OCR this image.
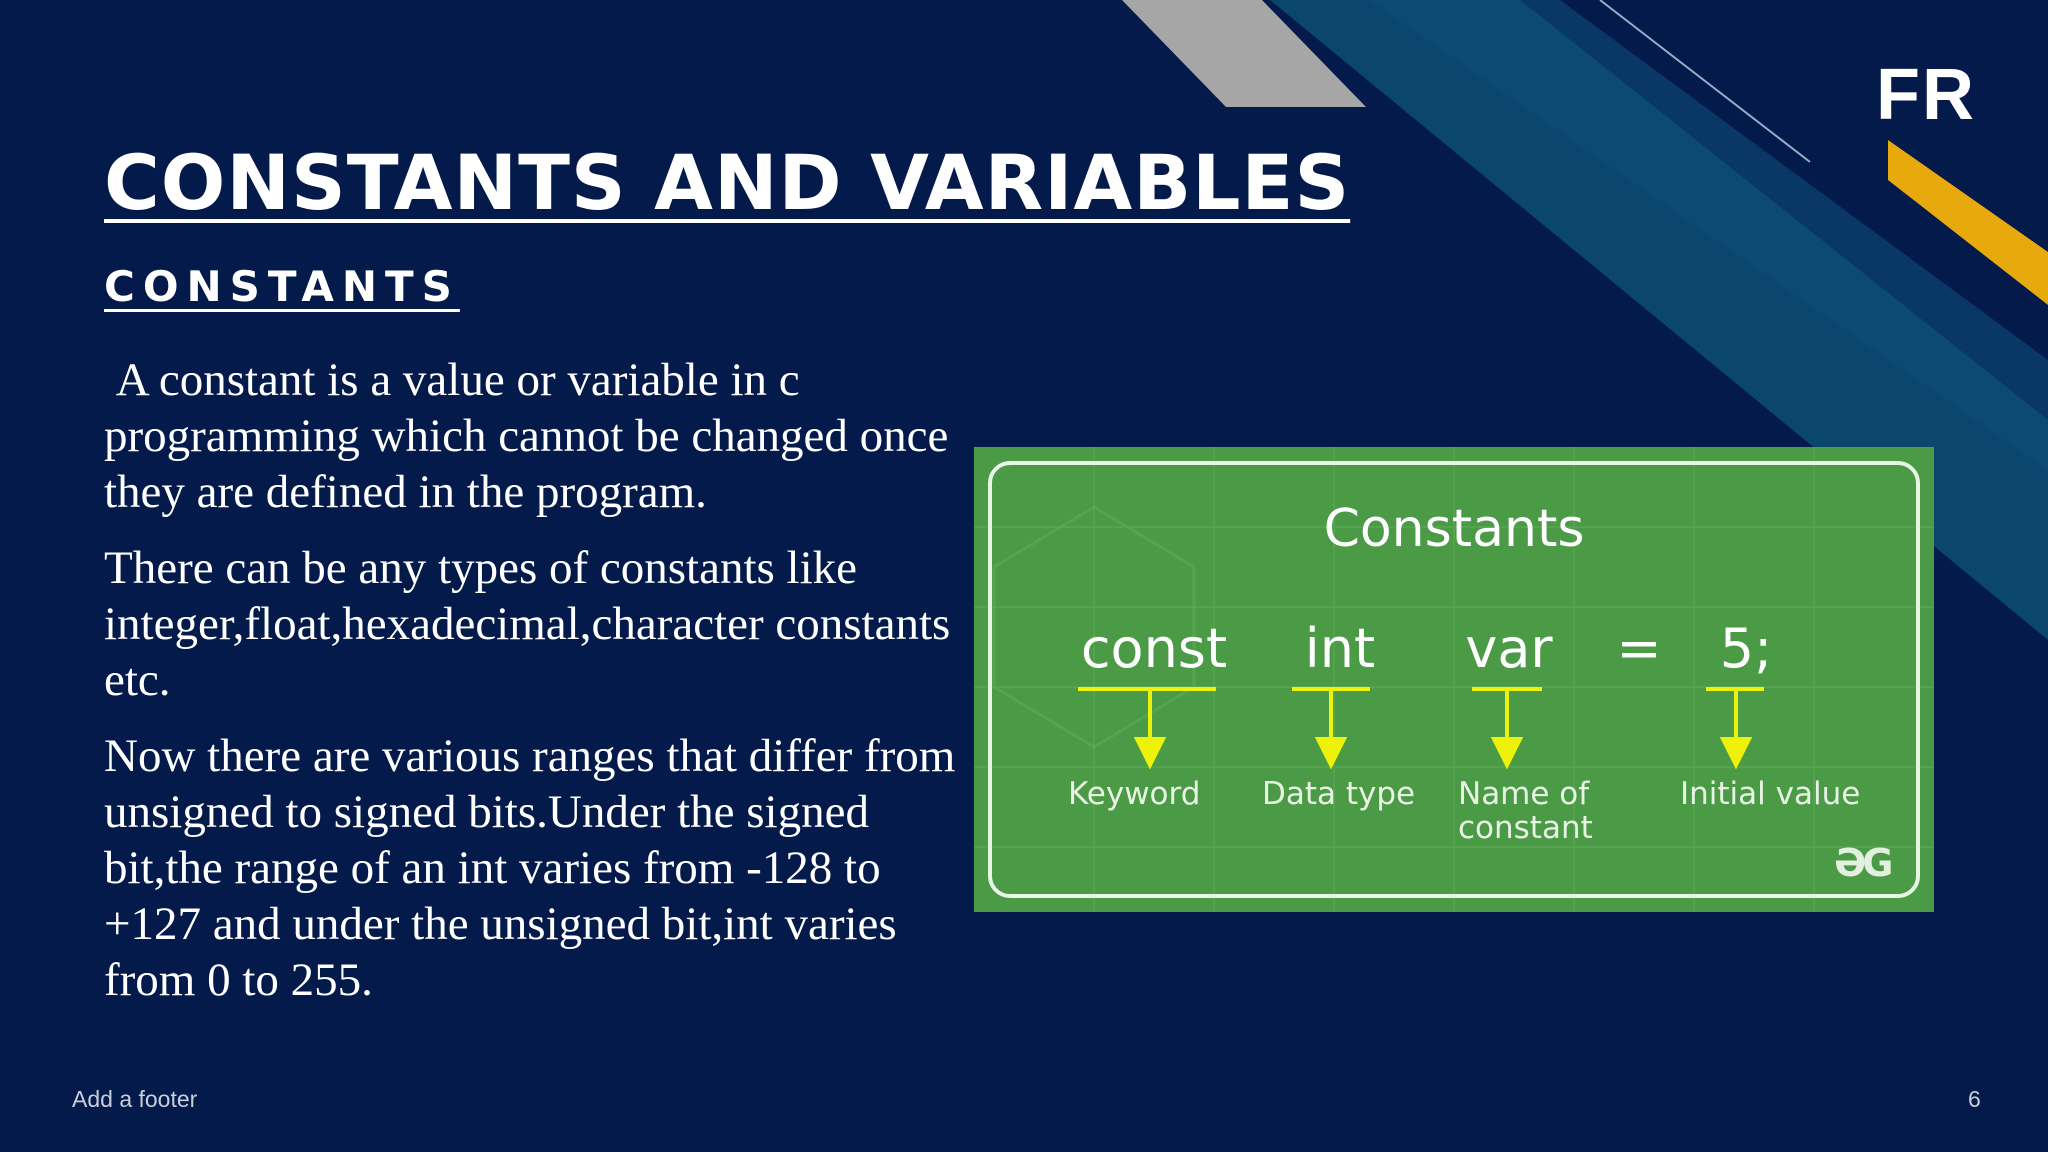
FR
CONSTANTS AND VARIABLES
CONSTANTS

A constant is a value or variable in c programming which cannot be changed once they are defined in the program.

There can be any types of constants like integer,float,hexadecimal,character constants etc.

Now there are various ranges that differ from unsigned to signed bits.Under the signed bit,the range of an int varies from -128 to +127 and under the unsigned bit,int varies from 0 to 255.

Constants
const int var = 5;
Keyword Data type Name of constant
Initial value
ƏG
Add a footer	6
